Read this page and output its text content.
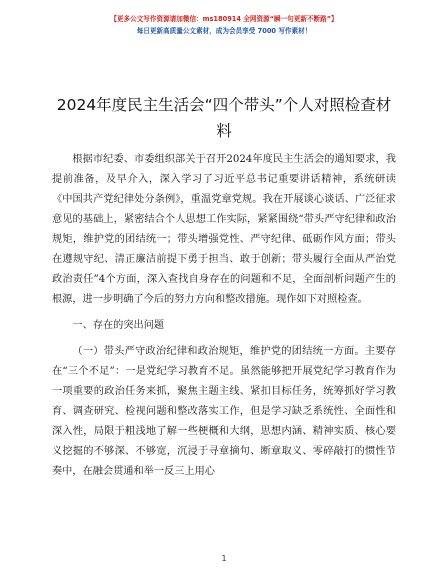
【更多公文写作资源请加微信：ms180914 全网资源“瞬一句更新不断路”】
每日更新高质量公文素材，成为会员享受 7000 写作素材！
2024年度民主生活会“四个带头”个人对照检查材料

根据市纪委、市委组织部关于召开2024年度民主生活会的通知要求，我提前准备，及早介入，深入学习了习近平总书记重要讲话精神，系统研读《中国共产党纪律处分条例》，重温党章党规。我在开展谈心谈话、广泛征求意见的基础上，紧密结合个人思想工作实际，紧紧围绕“带头严守纪律和政治规矩，维护党的团结统一；带头增强党性、严守纪律、砥砺作风方面；带头在遵规守纪、清正廉洁前提下勇于担当、敢于创新；带头履行全面从严治党政治责任”4个方面，深入查找自身存在的问题和不足，全面剖析问题产生的根源，进一步明确了今后的努力方向和整改措施。现作如下对照检查。

一、存在的突出问题

（一）带头严守政治纪律和政治规矩，维护党的团结统一方面。主要存在“三个不足”：一是党纪学习教育不足。虽然能够把开展党纪学习教育作为一项重要的政治任务来抓，聚焦主题主线、紧扣目标任务，统筹抓好学习教育、调查研究、检视问题和整改落实工作，但是学习缺乏系统性、全面性和深入性，局限于粗浅地了解一些梗概和大纲，思想内涵、精神实质、核心要义挖掘的不够深、不够宽，沉浸于寻章摘句、断章取义、零碎敲打的惯性节奏中，在融会贯通和举一反三上用心

1
